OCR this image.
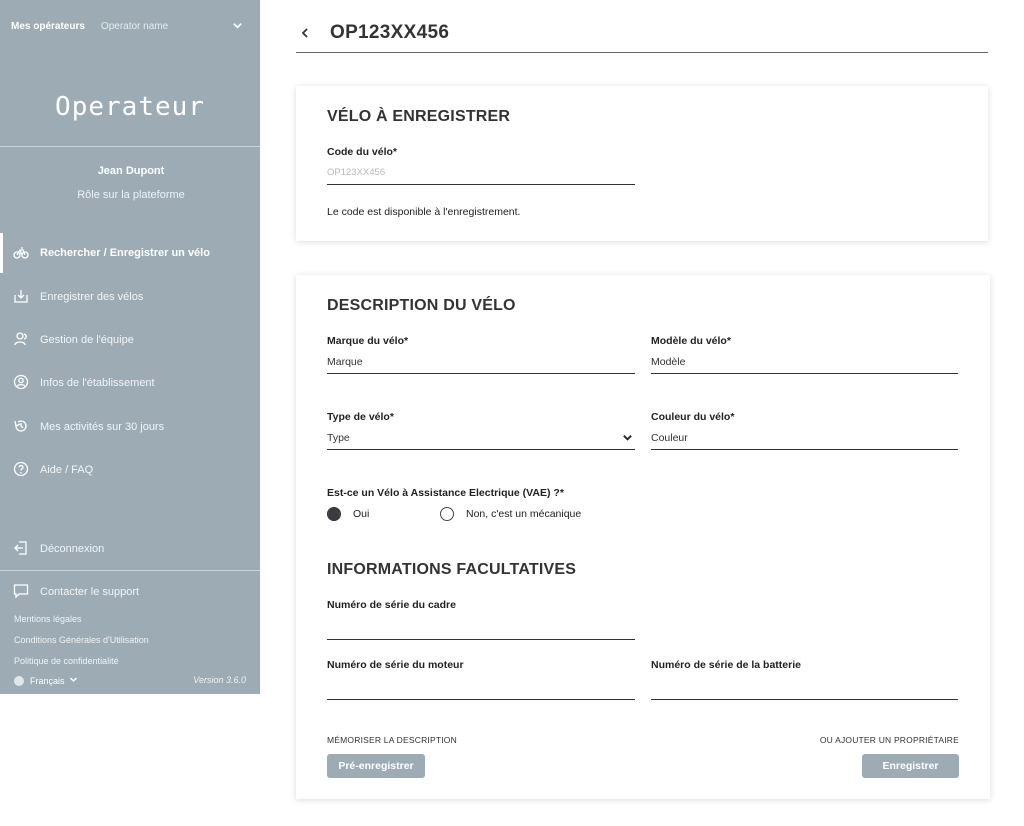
Mes opérateurs Operator name
Operateur
Jean Dupont
Rôle sur la plateforme
Rechercher / Enregistrer un vélo
Enregistrer des vélos
Gestion de l'équipe
Infos de l'établissement
Mes activités sur 30 jours
Aide / FAQ
Déconnexion
Contacter le support
Mentions légales
Conditions Générales d'Utilisation
Politique de confidentialité
Français	Version 3.6.0
OP123XX456
VÉLO À ENREGISTRER
Code du vélo*
OP123XX456
Le code est disponible à l'enregistrement.
DESCRIPTION DU VÉLO
Marque du vélo*
Marque
Modèle du vélo*
Modèle
Type de vélo*
Type
Couleur du vélo*
Couleur
Est-ce un Vélo à Assistance Electrique (VAE) ?*
Oui	Non, c'est un mécanique
INFORMATIONS FACULTATIVES
Numéro de série du cadre
Numéro de série du moteur	Numéro de série de la batterie
MÉMORISER LA DESCRIPTION
Pré-enregistrer
OU AJOUTER UN PROPRIÉTAIRE
Enregistrer
